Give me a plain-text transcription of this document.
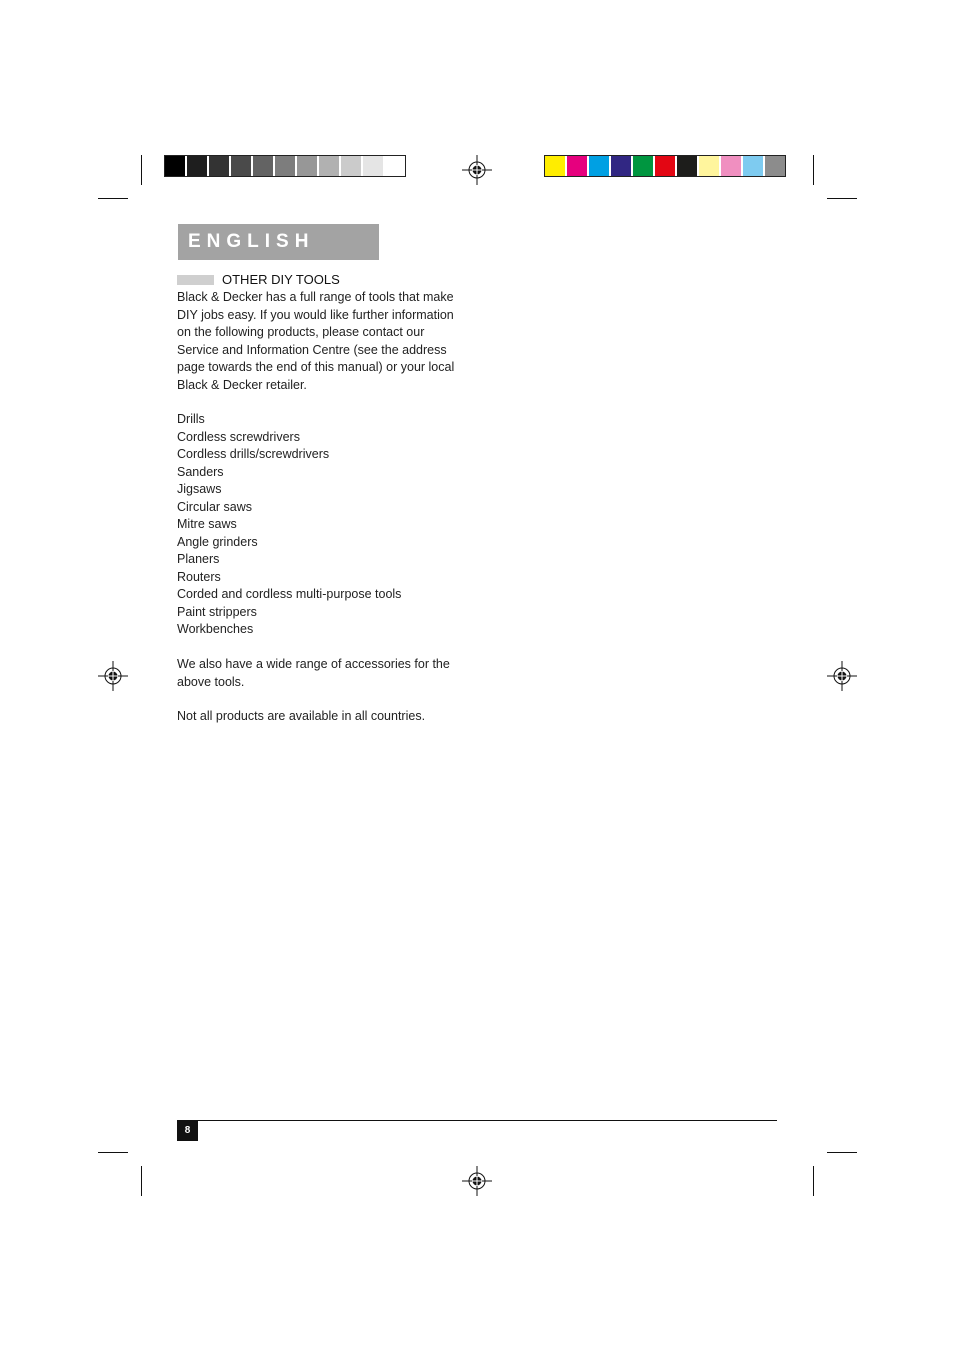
ENGLISH
OTHER DIY TOOLS
Black & Decker has a full range of tools that make
DIY jobs easy. If you would like further information
on the following products, please contact our
Service and Information Centre (see the address
page towards the end of this manual) or your local
Black & Decker retailer.
Drills
Cordless screwdrivers
Cordless drills/screwdrivers
Sanders
Jigsaws
Circular saws
Mitre saws
Angle grinders
Planers
Routers
Corded and cordless multi-purpose tools
Paint strippers
Workbenches
We also have a wide range of accessories for the
above tools.
Not all products are available in all countries.
8
